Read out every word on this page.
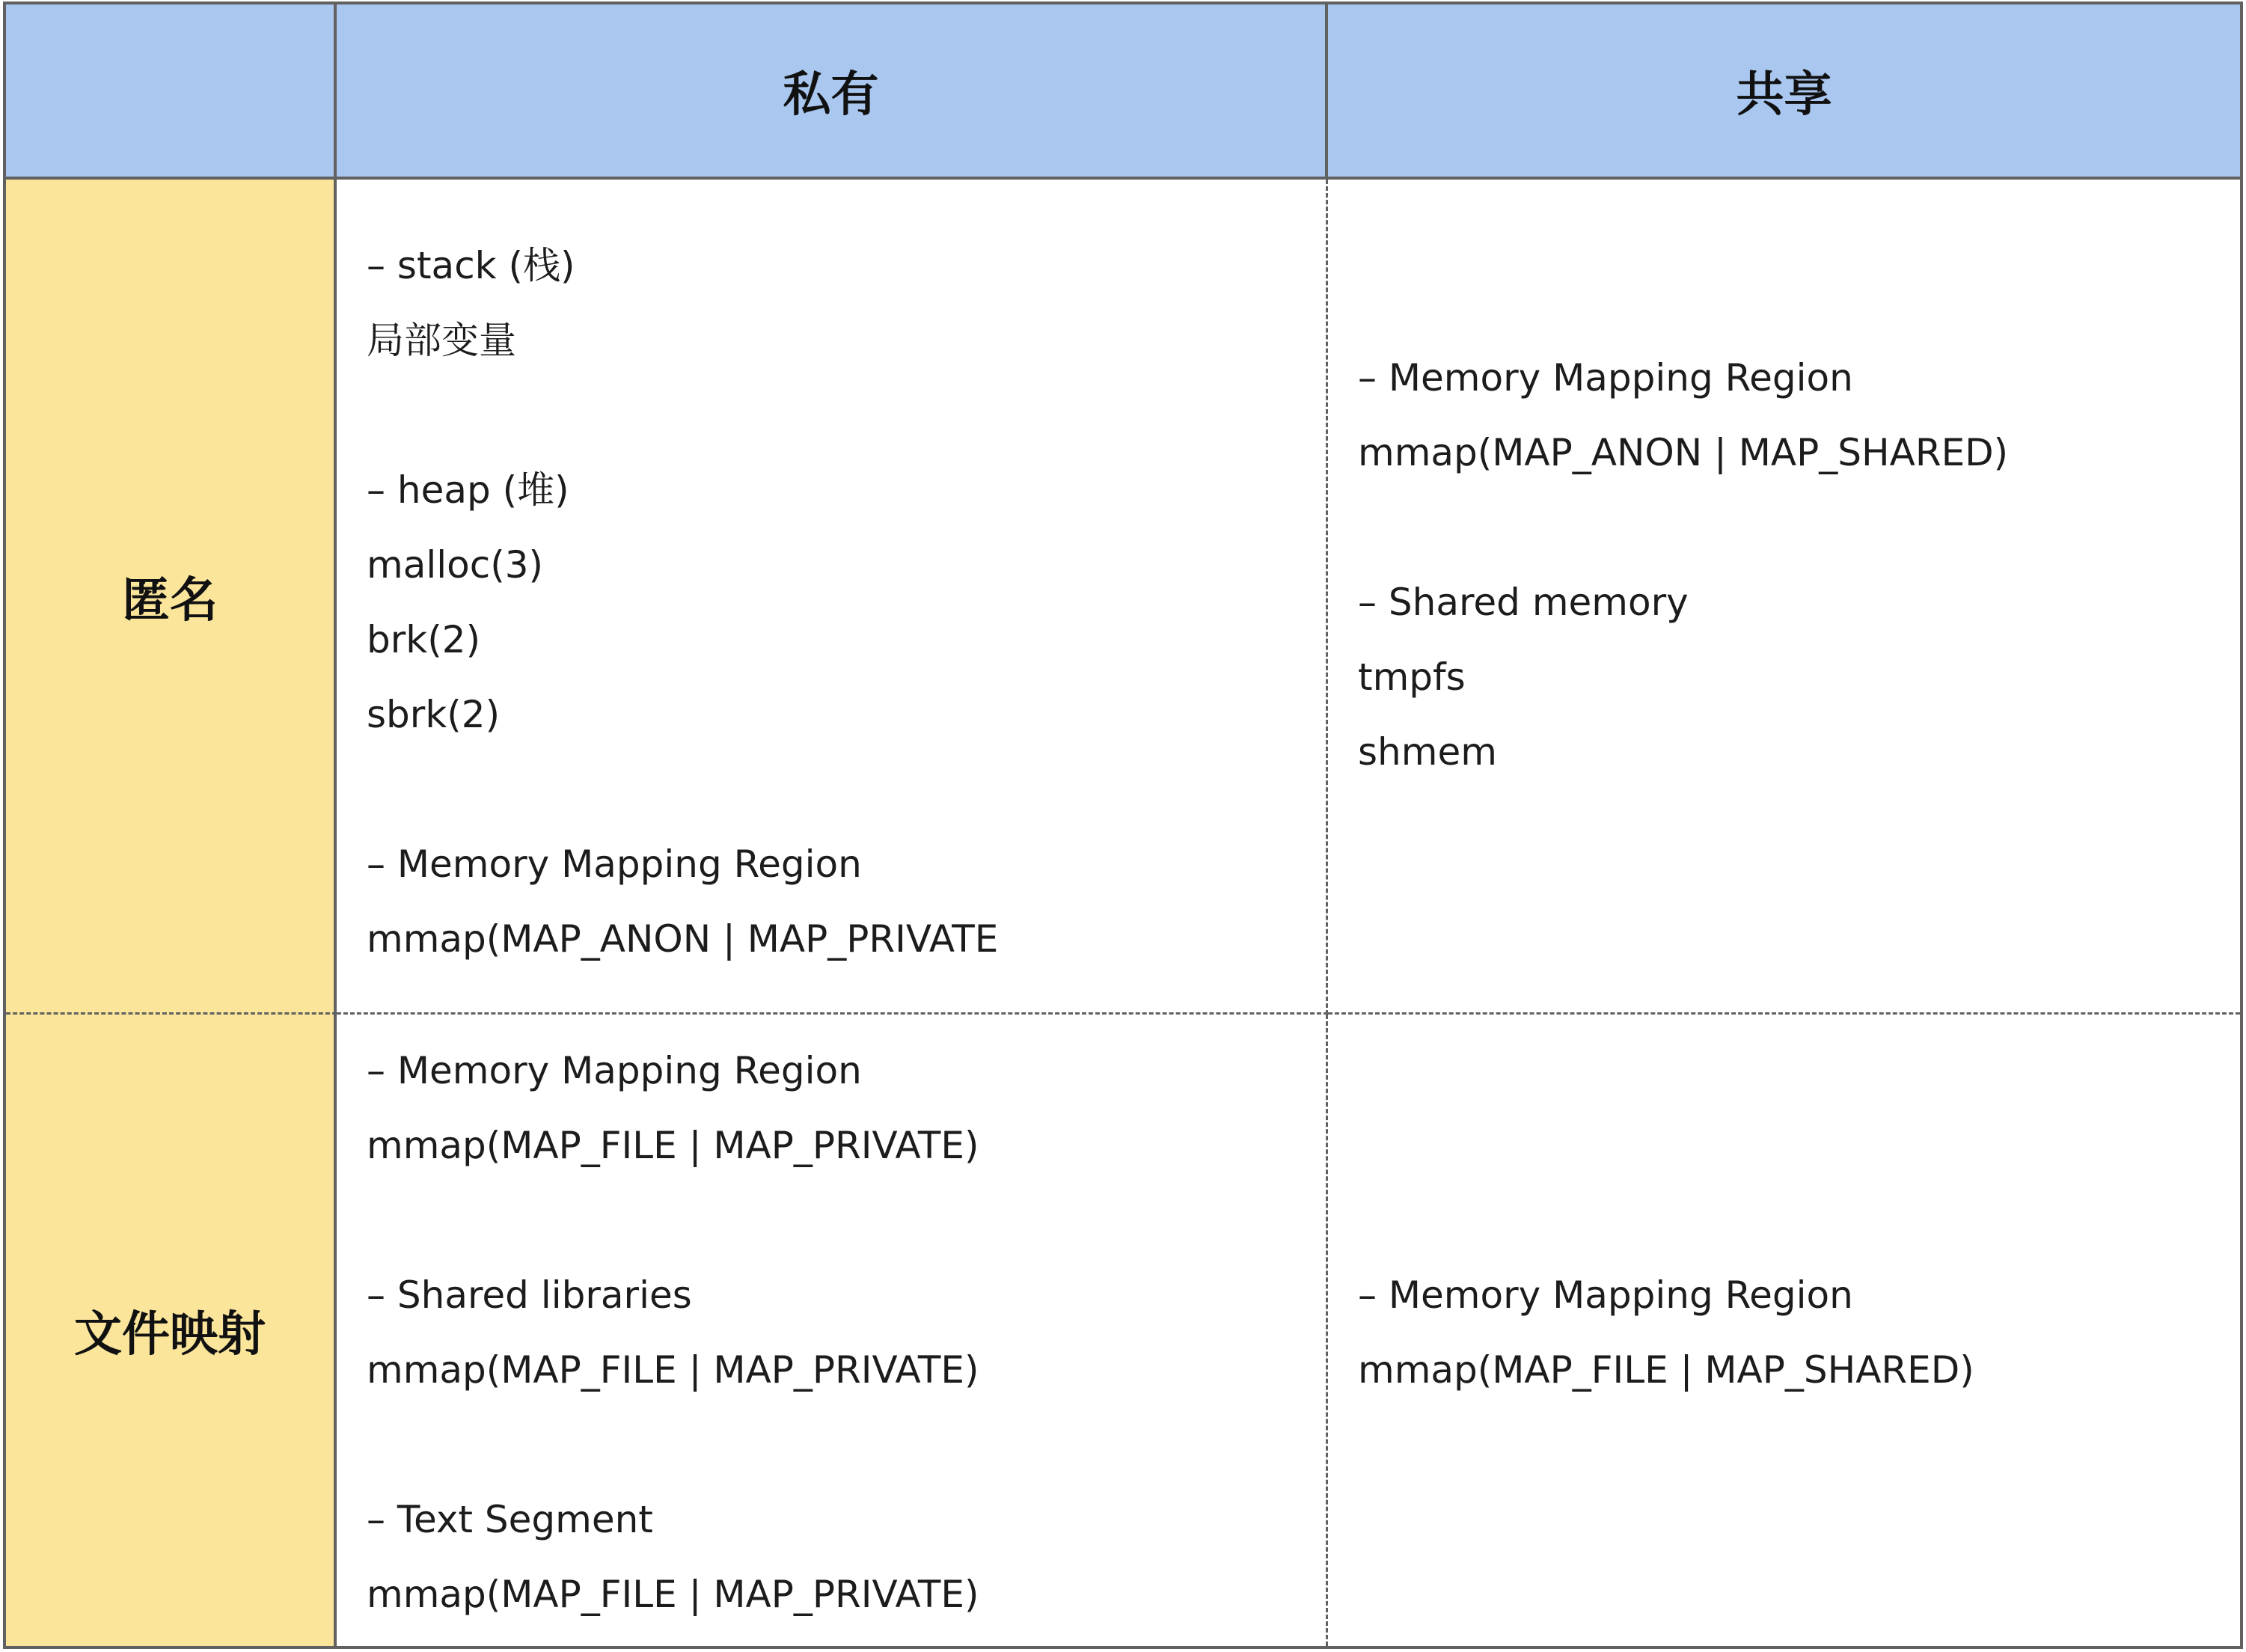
私有	共享
匿名
文件映射
– stack (栈)
局部变量
– heap (堆)
malloc(3)
brk(2)
sbrk(2)
– Memory Mapping Region
mmap(MAP_ANON | MAP_PRIVATE
– Memory Mapping Region
mmap(MAP_ANON | MAP_SHARED)
– Shared memory
tmpfs
shmem
– Memory Mapping Region
mmap(MAP_FILE | MAP_PRIVATE)
– Shared libraries
mmap(MAP_FILE | MAP_PRIVATE)
– Text Segment
mmap(MAP_FILE | MAP_PRIVATE)
– Memory Mapping Region
mmap(MAP_FILE | MAP_SHARED)
